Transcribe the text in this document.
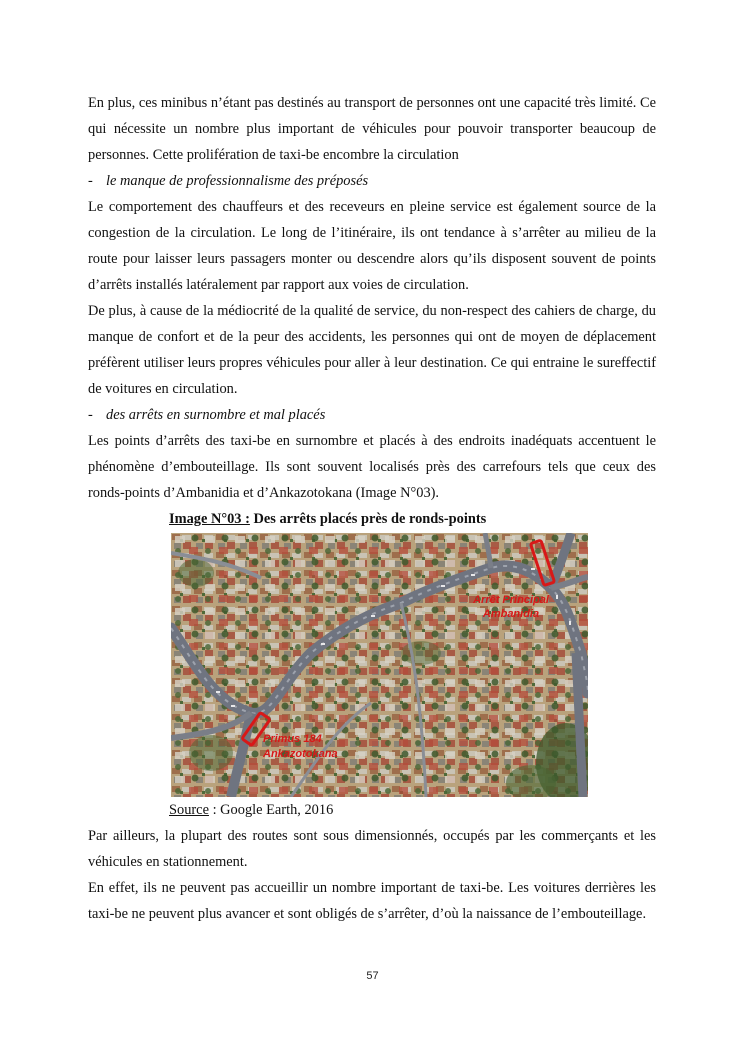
En plus, ces minibus n’étant pas destinés au transport de personnes ont une capacité très limité. Ce qui nécessite un nombre plus important de véhicules pour pouvoir transporter beaucoup de personnes. Cette prolifération de taxi-be encombre la circulation

- le manque de professionnalisme des préposés

Le comportement des chauffeurs et des receveurs en pleine service est également source de la congestion de la circulation. Le long de l’itinéraire, ils ont tendance à s’arrêter au milieu de la route pour laisser leurs passagers monter ou descendre alors qu’ils disposent souvent de points d’arrêts installés latéralement par rapport aux voies de circulation.

De plus, à cause de la médiocrité de la qualité de service, du non-respect des cahiers de charge, du manque de confort et de la peur des accidents, les personnes qui ont de moyen de déplacement préfèrent utiliser leurs propres véhicules pour aller à leur destination. Ce qui entraine le sureffectif de voitures en circulation.

- des arrêts en surnombre et mal placés

Les points d’arrêts des taxi-be en surnombre et placés à des endroits inadéquats accentuent le phénomène d’embouteillage. Ils sont souvent localisés près des carrefours tels que ceux des ronds-points d’Ambanidia et d’Ankazotokana (Image N°03).

Image N°03 : Des arrêts placés près de ronds-points
Arrêt Principal
Ambanidia
Primus 184
Ankazotokana
Source : Google Earth, 2016

Par ailleurs, la plupart des routes sont sous dimensionnés, occupés par les commerçants et les véhicules en stationnement.

En effet, ils ne peuvent pas accueillir un nombre important de taxi-be. Les voitures derrières les taxi-be ne peuvent plus avancer et sont obligés de s’arrêter, d’où la naissance de l’embouteillage.

57
